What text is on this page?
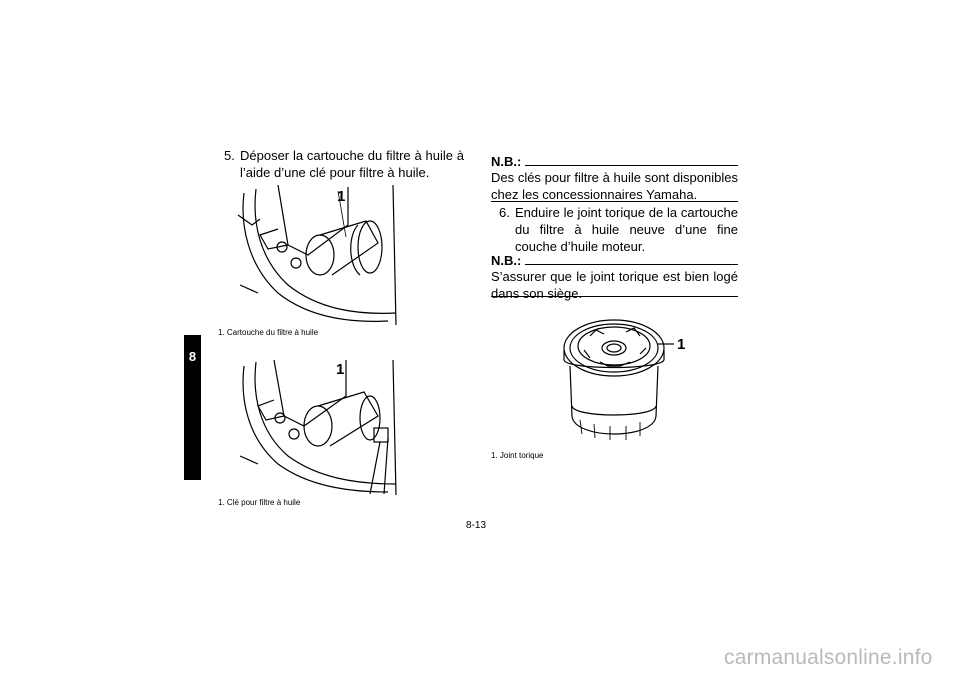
8
5. Déposer la cartouche du filtre à huile à l’aide d’une clé pour filtre à huile.
1
1. Cartouche du filtre à huile
1
1. Clé pour filtre à huile
N.B.:
Des clés pour filtre à huile sont disponibles chez les concessionnaires Yamaha.
6. Enduire le joint torique de la cartouche du filtre à huile neuve d’une fine couche d’huile moteur.
N.B.:
S’assurer que le joint torique est bien logé dans son siège.
1
1. Joint torique
8-13
carmanualsonline.info
